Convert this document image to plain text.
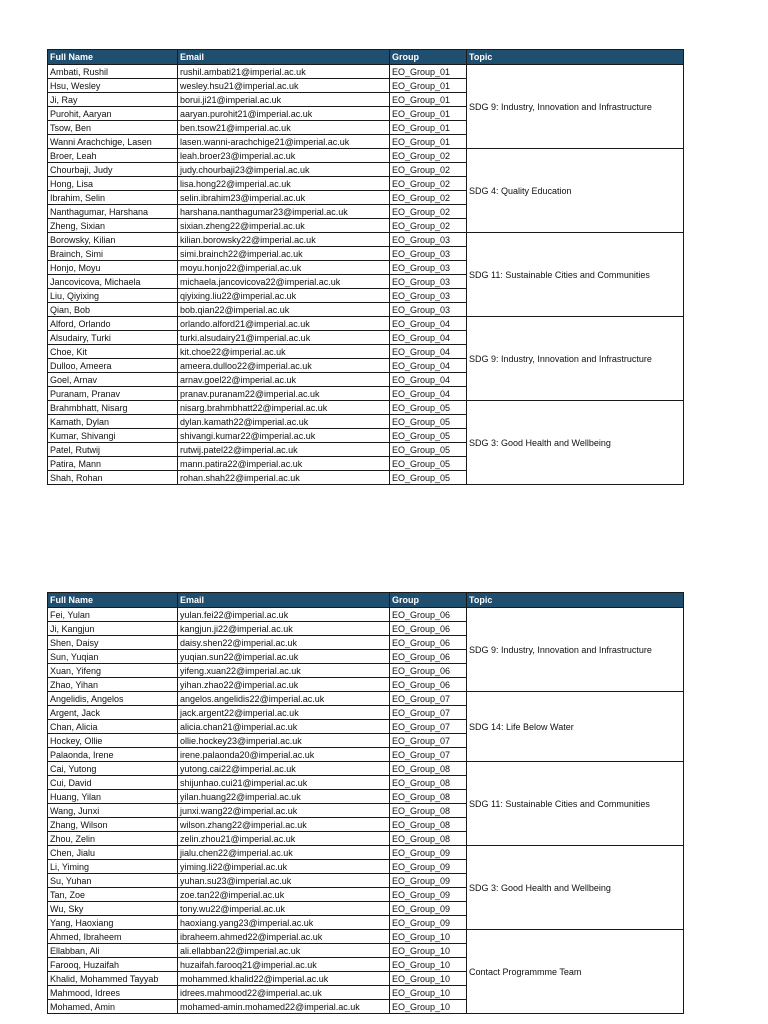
Full Name	Email	Group	Topic
Ambati, Rushil	rushil.ambati21@imperial.ac.uk	EO_Group_01	SDG 9: Industry, Innovation and Infrastructure
Hsu, Wesley	wesley.hsu21@imperial.ac.uk	EO_Group_01	
Ji, Ray	borui.ji21@imperial.ac.uk	EO_Group_01	
Purohit, Aaryan	aaryan.purohit21@imperial.ac.uk	EO_Group_01	
Tsow, Ben	ben.tsow21@imperial.ac.uk	EO_Group_01	
Wanni Arachchige, Lasen	lasen.wanni-arachchige21@imperial.ac.uk	EO_Group_01	
Broer, Leah	leah.broer23@imperial.ac.uk	EO_Group_02	SDG 4: Quality Education
Chourbaji, Judy	judy.chourbaji23@imperial.ac.uk	EO_Group_02	
Hong, Lisa	lisa.hong22@imperial.ac.uk	EO_Group_02	
Ibrahim, Selin	selin.ibrahim23@imperial.ac.uk	EO_Group_02	
Nanthagumar, Harshana	harshana.nanthagumar23@imperial.ac.uk	EO_Group_02	
Zheng, Sixian	sixian.zheng22@imperial.ac.uk	EO_Group_02	
Borowsky, Kilian	kilian.borowsky22@imperial.ac.uk	EO_Group_03	SDG 11: Sustainable Cities and Communities
Brainch, Simi	simi.brainch22@imperial.ac.uk	EO_Group_03	
Honjo, Moyu	moyu.honjo22@imperial.ac.uk	EO_Group_03	
Jancovicova, Michaela	michaela.jancovicova22@imperial.ac.uk	EO_Group_03	
Liu, Qiyixing	qiyixing.liu22@imperial.ac.uk	EO_Group_03	
Qian, Bob	bob.qian22@imperial.ac.uk	EO_Group_03	
Alford, Orlando	orlando.alford21@imperial.ac.uk	EO_Group_04	SDG 9: Industry, Innovation and Infrastructure
Alsudairy, Turki	turki.alsudairy21@imperial.ac.uk	EO_Group_04	
Choe, Kit	kit.choe22@imperial.ac.uk	EO_Group_04	
Dulloo, Ameera	ameera.dulloo22@imperial.ac.uk	EO_Group_04	
Goel, Arnav	arnav.goel22@imperial.ac.uk	EO_Group_04	
Puranam, Pranav	pranav.puranam22@imperial.ac.uk	EO_Group_04	
Brahmbhatt, Nisarg	nisarg.brahmbhatt22@imperial.ac.uk	EO_Group_05	SDG 3: Good Health and Wellbeing
Kamath, Dylan	dylan.kamath22@imperial.ac.uk	EO_Group_05	
Kumar, Shivangi	shivangi.kumar22@imperial.ac.uk	EO_Group_05	
Patel, Rutwij	rutwij.patel22@imperial.ac.uk	EO_Group_05	
Patira, Mann	mann.patira22@imperial.ac.uk	EO_Group_05	
Shah, Rohan	rohan.shah22@imperial.ac.uk	EO_Group_05	
Full Name	Email	Group	Topic
Fei, Yulan	yulan.fei22@imperial.ac.uk	EO_Group_06	SDG 9: Industry, Innovation and Infrastructure
Ji, Kangjun	kangjun.ji22@imperial.ac.uk	EO_Group_06	
Shen, Daisy	daisy.shen22@imperial.ac.uk	EO_Group_06	
Sun, Yuqian	yuqian.sun22@imperial.ac.uk	EO_Group_06	
Xuan, Yifeng	yifeng.xuan22@imperial.ac.uk	EO_Group_06	
Zhao, Yihan	yihan.zhao22@imperial.ac.uk	EO_Group_06	
Angelidis, Angelos	angelos.angelidis22@imperial.ac.uk	EO_Group_07	SDG 14: Life Below Water
Argent, Jack	jack.argent22@imperial.ac.uk	EO_Group_07	
Chan, Alicia	alicia.chan21@imperial.ac.uk	EO_Group_07	
Hockey, Ollie	ollie.hockey23@imperial.ac.uk	EO_Group_07	
Palaonda, Irene	irene.palaonda20@imperial.ac.uk	EO_Group_07	
Cai, Yutong	yutong.cai22@imperial.ac.uk	EO_Group_08	SDG 11: Sustainable Cities and Communities
Cui, David	shijunhao.cui21@imperial.ac.uk	EO_Group_08	
Huang, Yilan	yilan.huang22@imperial.ac.uk	EO_Group_08	
Wang, Junxi	junxi.wang22@imperial.ac.uk	EO_Group_08	
Zhang, Wilson	wilson.zhang22@imperial.ac.uk	EO_Group_08	
Zhou, Zelin	zelin.zhou21@imperial.ac.uk	EO_Group_08	
Chen, Jialu	jialu.chen22@imperial.ac.uk	EO_Group_09	SDG 3: Good Health and Wellbeing
Li, Yiming	yiming.li22@imperial.ac.uk	EO_Group_09	
Su, Yuhan	yuhan.su23@imperial.ac.uk	EO_Group_09	
Tan, Zoe	zoe.tan22@imperial.ac.uk	EO_Group_09	
Wu, Sky	tony.wu22@imperial.ac.uk	EO_Group_09	
Yang, Haoxiang	haoxiang.yang23@imperial.ac.uk	EO_Group_09	
Ahmed, Ibraheem	ibraheem.ahmed22@imperial.ac.uk	EO_Group_10	Contact Programmme Team
Ellabban, Ali	ali.ellabban22@imperial.ac.uk	EO_Group_10	
Farooq, Huzaifah	huzaifah.farooq21@imperial.ac.uk	EO_Group_10	
Khalid, Mohammed Tayyab	mohammed.khalid22@imperial.ac.uk	EO_Group_10	
Mahmood, Idrees	idrees.mahmood22@imperial.ac.uk	EO_Group_10	
Mohamed, Amin	mohamed-amin.mohamed22@imperial.ac.uk	EO_Group_10	
